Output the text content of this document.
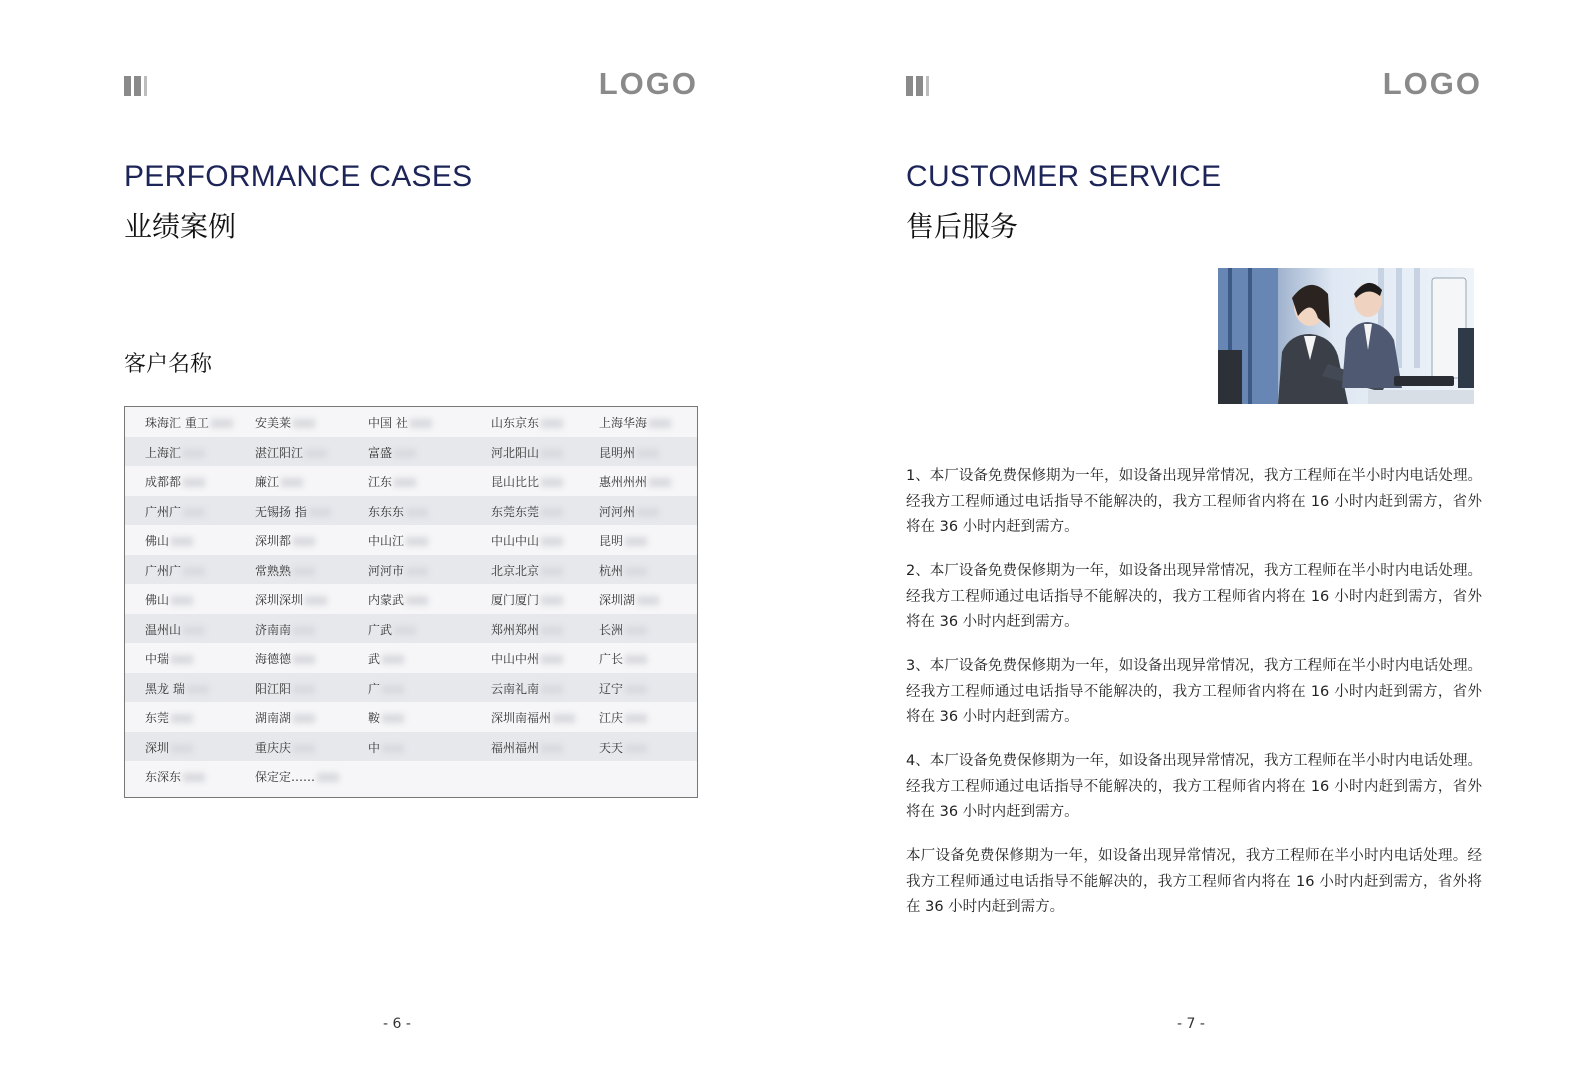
LOGO
PERFORMANCE CASES
业绩案例
客户名称
珠海汇 重工	安美莱	中国 社	山东京东	上海华海
上海汇	湛江阳江	富盛	河北阳山	昆明州
成都都	廉江	江东	昆山比比	惠州州州
广州广	无锡扬 指	东东东	东莞东莞	河河州
佛山	深圳都	中山江	中山中山	昆明
广州广	常熟熟	河河市	北京北京	杭州
佛山	深圳深圳	内蒙武	厦门厦门	深圳湖
温州山	济南南	广武	郑州郑州	长洲
中瑞	海德德	武	中山中州	广长
黑龙 瑞	阳江阳	广	云南礼南	辽宁
东莞	湖南湖	鞍	深圳南福州	江庆
深圳	重庆庆	中	福州福州	天天
东深东	保定定……
- 6 -
LOGO
CUSTOMER SERVICE
售后服务

1、本厂设备免费保修期为一年，如设备出现异常情况，我方工程师在半小时内电话处理。经我方工程师通过电话指导不能解决的，我方工程师省内将在 16 小时内赶到需方，省外将在 36 小时内赶到需方。

2、本厂设备免费保修期为一年，如设备出现异常情况，我方工程师在半小时内电话处理。经我方工程师通过电话指导不能解决的，我方工程师省内将在 16 小时内赶到需方，省外将在 36 小时内赶到需方。

3、本厂设备免费保修期为一年，如设备出现异常情况，我方工程师在半小时内电话处理。经我方工程师通过电话指导不能解决的，我方工程师省内将在 16 小时内赶到需方，省外将在 36 小时内赶到需方。

4、本厂设备免费保修期为一年，如设备出现异常情况，我方工程师在半小时内电话处理。经我方工程师通过电话指导不能解决的，我方工程师省内将在 16 小时内赶到需方，省外将在 36 小时内赶到需方。

本厂设备免费保修期为一年，如设备出现异常情况，我方工程师在半小时内电话处理。经我方工程师通过电话指导不能解决的，我方工程师省内将在 16 小时内赶到需方，省外将在 36 小时内赶到需方。

- 7 -
